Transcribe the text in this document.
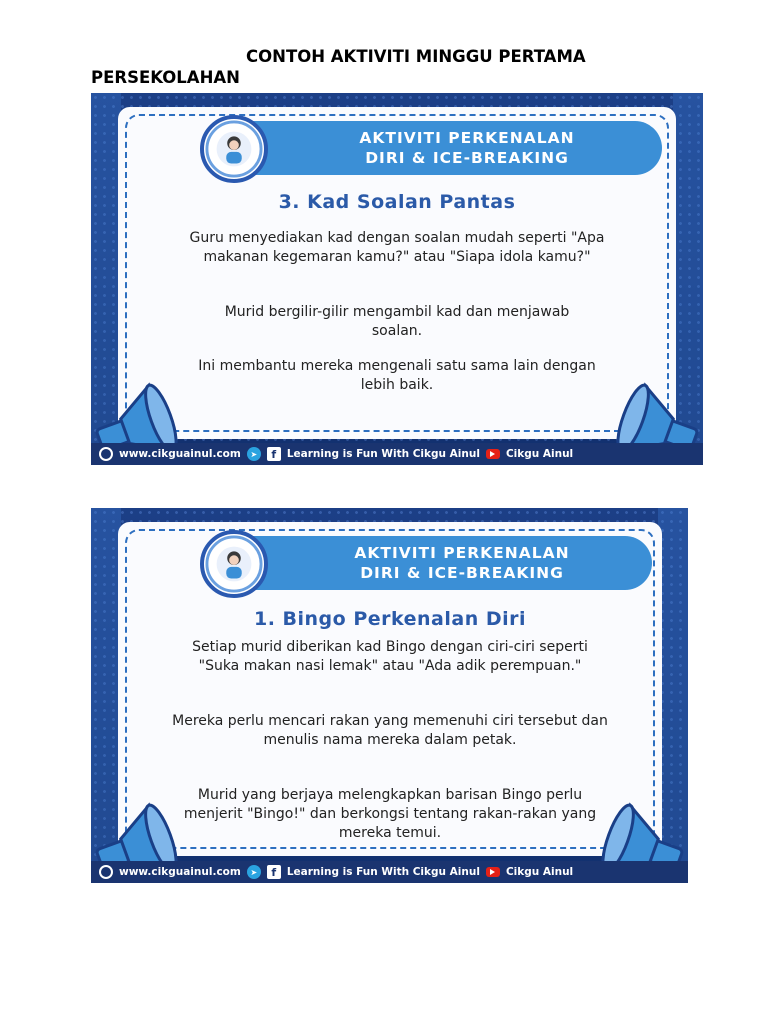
CONTOH AKTIVITI MINGGU PERTAMA PERSEKOLAHAN
AKTIVITI PERKENALAN
DIRI & ICE-BREAKING
3. Kad Soalan Pantas
Guru menyediakan kad dengan soalan mudah seperti "Apa makanan kegemaran kamu?" atau "Siapa idola kamu?"
Murid bergilir-gilir mengambil kad dan menjawab soalan.
Ini membantu mereka mengenali satu sama lain dengan lebih baik.
www.cikguainul.com	➤	f	Learning is Fun With Cikgu Ainul Cikgu Ainul
AKTIVITI PERKENALAN
DIRI & ICE-BREAKING
1. Bingo Perkenalan Diri
Setiap murid diberikan kad Bingo dengan ciri-ciri seperti "Suka makan nasi lemak" atau "Ada adik perempuan."
Mereka perlu mencari rakan yang memenuhi ciri tersebut dan menulis nama mereka dalam petak.
Murid yang berjaya melengkapkan barisan Bingo perlu menjerit "Bingo!" dan berkongsi tentang rakan-rakan yang mereka temui.
www.cikguainul.com	➤	f	Learning is Fun With Cikgu Ainul Cikgu Ainul
